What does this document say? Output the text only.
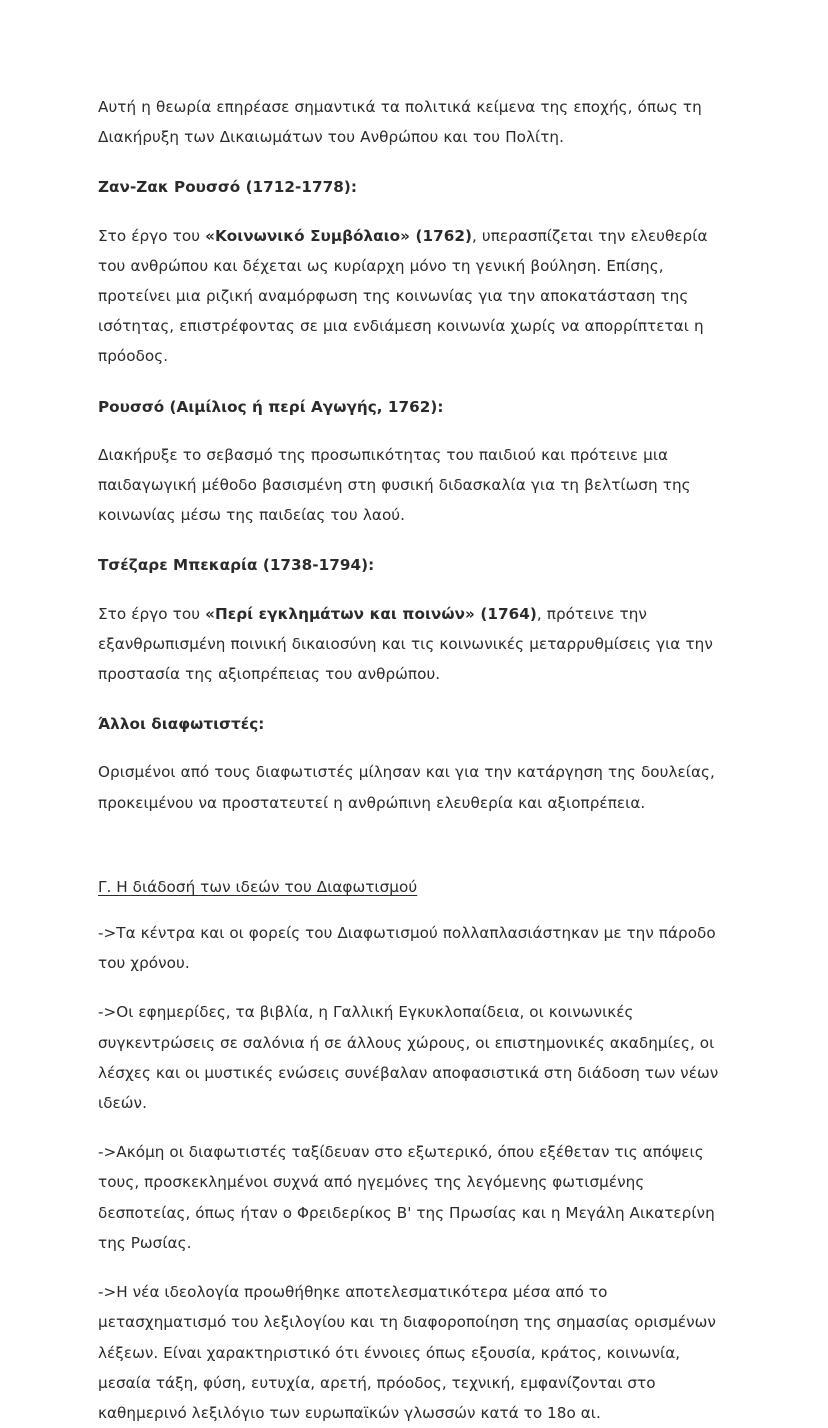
Αυτή η θεωρία επηρέασε σημαντικά τα πολιτικά κείμενα της εποχής, όπως τη Διακήρυξη των Δικαιωμάτων του Ανθρώπου και του Πολίτη.

Ζαν-Ζακ Ρουσσό (1712-1778):

Στο έργο του «Κοινωνικό Συμβόλαιο» (1762), υπερασπίζεται την ελευθερία του ανθρώπου και δέχεται ως κυρίαρχη μόνο τη γενική βούληση. Επίσης, προτείνει μια ριζική αναμόρφωση της κοινωνίας για την αποκατάσταση της ισότητας, επιστρέφοντας σε μια ενδιάμεση κοινωνία χωρίς να απορρίπτεται η πρόοδος.

Ρουσσό (Αιμίλιος ή περί Αγωγής, 1762):

Διακήρυξε το σεβασμό της προσωπικότητας του παιδιού και πρότεινε μια παιδαγωγική μέθοδο βασισμένη στη φυσική διδασκαλία για τη βελτίωση της κοινωνίας μέσω της παιδείας του λαού.

Τσέζαρε Μπεκαρία (1738-1794):

Στο έργο του «Περί εγκλημάτων και ποινών» (1764), πρότεινε την εξανθρωπισμένη ποινική δικαιοσύνη και τις κοινωνικές μεταρρυθμίσεις για την προστασία της αξιοπρέπειας του ανθρώπου.

Άλλοι διαφωτιστές:

Ορισμένοι από τους διαφωτιστές μίλησαν και για την κατάργηση της δουλείας, προκειμένου να προστατευτεί η ανθρώπινη ελευθερία και αξιοπρέπεια.

Γ. Η διάδοσή των ιδεών του Διαφωτισμού

->Τα κέντρα και οι φορείς του Διαφωτισμού πολλαπλασιάστηκαν με την πάροδο του χρόνου.

->Οι εφημερίδες, τα βιβλία, η Γαλλική Εγκυκλοπαίδεια, οι κοινωνικές συγκεντρώσεις σε σαλόνια ή σε άλλους χώρους, οι επιστημονικές ακαδημίες, οι λέσχες και οι μυστικές ενώσεις συνέβαλαν αποφασιστικά στη διάδοση των νέων ιδεών.

->Ακόμη οι διαφωτιστές ταξίδευαν στο εξωτερικό, όπου εξέθεταν τις απόψεις τους, προσκεκλημένοι συχνά από ηγεμόνες της λεγόμενης φωτισμένης δεσποτείας, όπως ήταν ο Φρειδερίκος Β' της Πρωσίας και η Μεγάλη Αικατερίνη της Ρωσίας.

->Η νέα ιδεολογία προωθήθηκε αποτελεσματικότερα μέσα από το μετασχηματισμό του λεξιλογίου και τη διαφοροποίηση της σημασίας ορισμένων λέξεων. Είναι χαρακτηριστικό ότι έννοιες όπως εξουσία, κράτος, κοινωνία, μεσαία τάξη, φύση, ευτυχία, αρετή, πρόοδος, τεχνική, εμφανίζονται στο καθημερινό λεξιλόγιο των ευρωπαϊκών γλωσσών κατά το 18ο αι.
